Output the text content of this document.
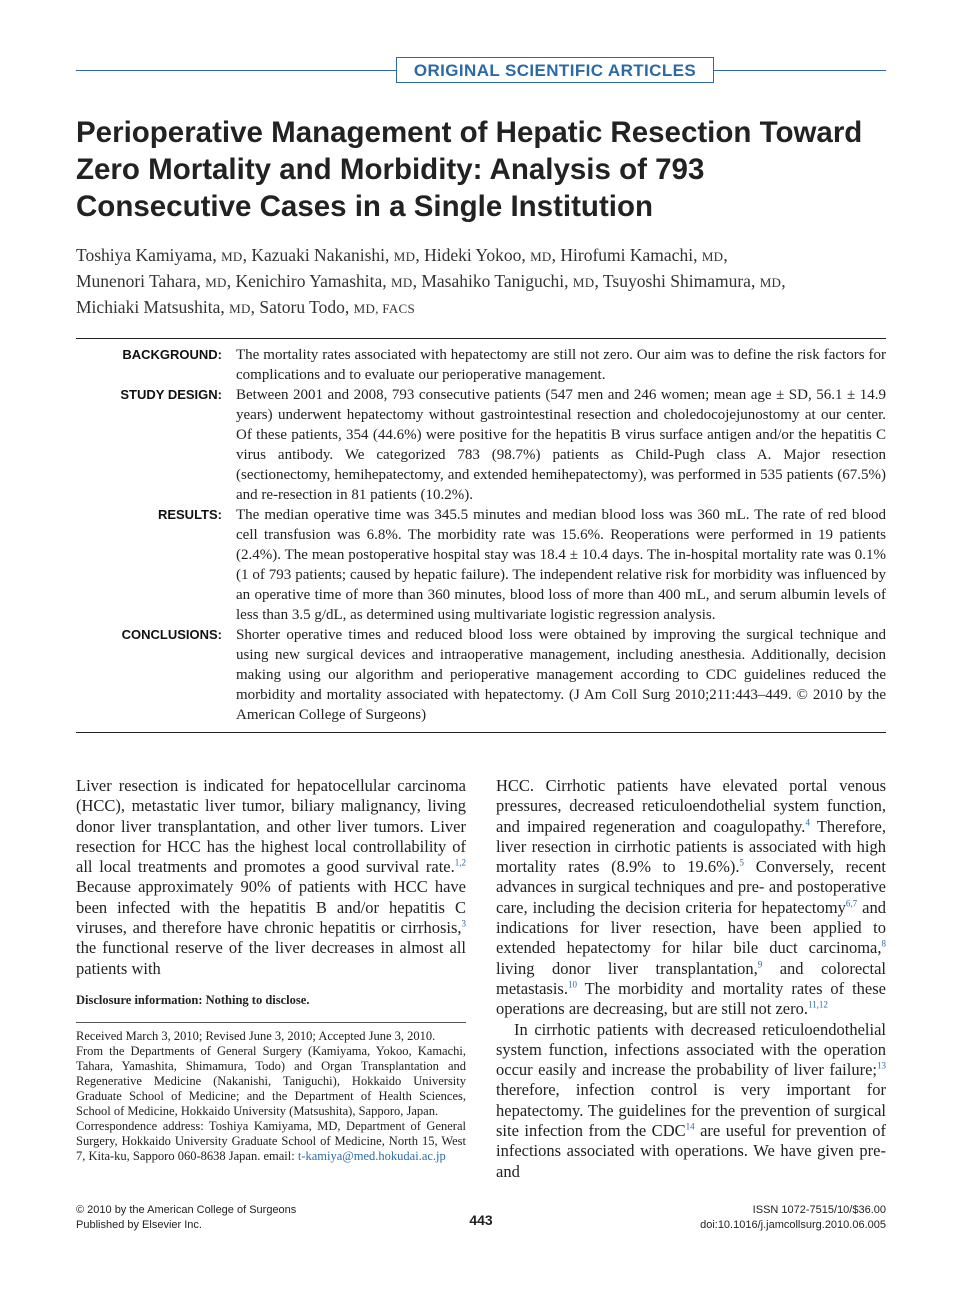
ORIGINAL SCIENTIFIC ARTICLES
Perioperative Management of Hepatic Resection Toward Zero Mortality and Morbidity: Analysis of 793 Consecutive Cases in a Single Institution
Toshiya Kamiyama, MD, Kazuaki Nakanishi, MD, Hideki Yokoo, MD, Hirofumi Kamachi, MD,
Munenori Tahara, MD, Kenichiro Yamashita, MD, Masahiko Taniguchi, MD, Tsuyoshi Shimamura, MD,
Michiaki Matsushita, MD, Satoru Todo, MD, FACS
BACKGROUND: The mortality rates associated with hepatectomy are still not zero. Our aim was to define the risk factors for complications and to evaluate our perioperative management.
STUDY DESIGN: Between 2001 and 2008, 793 consecutive patients (547 men and 246 women; mean age ± SD, 56.1 ± 14.9 years) underwent hepatectomy without gastrointestinal resection and choledocojejunostomy at our center. Of these patients, 354 (44.6%) were positive for the hepatitis B virus surface antigen and/or the hepatitis C virus antibody. We categorized 783 (98.7%) patients as Child-Pugh class A. Major resection (sectionectomy, hemihepatectomy, and extended hemihepatectomy), was performed in 535 patients (67.5%) and re-resection in 81 patients (10.2%).
RESULTS: The median operative time was 345.5 minutes and median blood loss was 360 mL. The rate of red blood cell transfusion was 6.8%. The morbidity rate was 15.6%. Reoperations were performed in 19 patients (2.4%). The mean postoperative hospital stay was 18.4 ± 10.4 days. The in-hospital mortality rate was 0.1% (1 of 793 patients; caused by hepatic failure). The independent relative risk for morbidity was influenced by an operative time of more than 360 minutes, blood loss of more than 400 mL, and serum albumin levels of less than 3.5 g/dL, as determined using multivariate logistic regression analysis.
CONCLUSIONS: Shorter operative times and reduced blood loss were obtained by improving the surgical technique and using new surgical devices and intraoperative management, including anesthesia. Additionally, decision making using our algorithm and perioperative management according to CDC guidelines reduced the morbidity and mortality associated with hepatectomy. (J Am Coll Surg 2010;211:443–449. © 2010 by the American College of Surgeons)

Liver resection is indicated for hepatocellular carcinoma (HCC), metastatic liver tumor, biliary malignancy, living donor liver transplantation, and other liver tumors. Liver resection for HCC has the highest local controllability of all local treatments and promotes a good survival rate.$^{1,2}$ Because approximately 90% of patients with HCC have been infected with the hepatitis B and/or hepatitis C viruses, and therefore have chronic hepatitis or cirrhosis,$^3$ the functional reserve of the liver decreases in almost all patients with

Disclosure information: Nothing to disclose.

Received March 3, 2010; Revised June 3, 2010; Accepted June 3, 2010.

From the Departments of General Surgery (Kamiyama, Yokoo, Kamachi, Tahara, Yamashita, Shimamura, Todo) and Organ Transplantation and Regenerative Medicine (Nakanishi, Taniguchi), Hokkaido University Graduate School of Medicine; and the Department of Health Sciences, School of Medicine, Hokkaido University (Matsushita), Sapporo, Japan.

Correspondence address: Toshiya Kamiyama, MD, Department of General Surgery, Hokkaido University Graduate School of Medicine, North 15, West 7, Kita-ku, Sapporo 060-8638 Japan. email: t-kamiya@med.hokudai.ac.jp

HCC. Cirrhotic patients have elevated portal venous pressures, decreased reticuloendothelial system function, and impaired regeneration and coagulopathy.$^4$ Therefore, liver resection in cirrhotic patients is associated with high mortality rates (8.9% to 19.6%).$^5$ Conversely, recent advances in surgical techniques and pre- and postoperative care, including the decision criteria for hepatectomy$^{6,7}$ and indications for liver resection, have been applied to extended hepatectomy for hilar bile duct carcinoma,$^8$ living donor liver transplantation,$^9$ and colorectal metastasis.$^{10}$ The morbidity and mortality rates of these operations are decreasing, but are still not zero.$^{11,12}$

In cirrhotic patients with decreased reticuloendothelial system function, infections associated with the operation occur easily and increase the probability of liver failure;$^{13}$ therefore, infection control is very important for hepatectomy. The guidelines for the prevention of surgical site infection from the CDC$^{14}$ are useful for prevention of infections associated with operations. We have given pre- and

© 2010 by the American College of Surgeons
Published by Elsevier Inc.	443
ISSN 1072-7515/10/$36.00
doi:10.1016/j.jamcollsurg.2010.06.005
